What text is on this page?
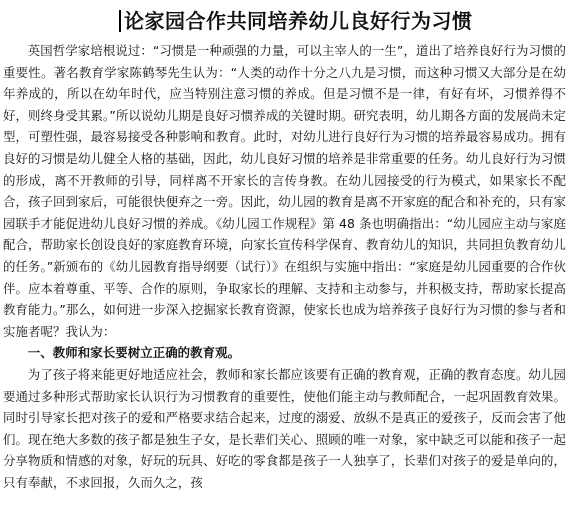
论家园合作共同培养幼儿良好行为习惯

英国哲学家培根说过：“习惯是一种顽强的力量，可以主宰人的一生”，道出了培养良好行为习惯的重要性。著名教育学家陈鹤琴先生认为：“人类的动作十分之八九是习惯，而这种习惯又大部分是在幼年养成的，所以在幼年时代，应当特别注意习惯的养成。但是习惯不是一律，有好有坏，习惯养得不好，则终身受其累。”所以说幼儿期是良好习惯养成的关键时期。研究表明，幼儿期各方面的发展尚未定型，可塑性强，最容易接受各种影响和教育。此时，对幼儿进行良好行为习惯的培养最容易成功。拥有良好的习惯是幼儿健全人格的基础，因此，幼儿良好习惯的培养是非常重要的任务。幼儿良好行为习惯的形成，离不开教师的引导，同样离不开家长的言传身教。在幼儿园接受的行为模式，如果家长不配合，孩子回到家后，可能很快便弃之一旁。因此，幼儿园的教育是离不开家庭的配合和补充的，只有家园联手才能促进幼儿良好习惯的养成。《幼儿园工作规程》第 48 条也明确指出：“幼儿园应主动与家庭配合，帮助家长创设良好的家庭教育环境，向家长宣传科学保育、教育幼儿的知识，共同担负教育幼儿的任务。”新颁布的《幼儿园教育指导纲要（试行）》在组织与实施中指出：“家庭是幼儿园重要的合作伙伴。应本着尊重、平等、合作的原则，争取家长的理解、支持和主动参与，并积极支持，帮助家长提高教育能力。”那么，如何进一步深入挖掘家长教育资源，使家长也成为培养孩子良好行为习惯的参与者和实施者呢？我认为：

一、教师和家长要树立正确的教育观。

为了孩子将来能更好地适应社会，教师和家长都应该要有正确的教育观，正确的教育态度。幼儿园要通过多种形式帮助家长认识行为习惯教育的重要性，使他们能主动与教师配合，一起巩固教育效果。同时引导家长把对孩子的爱和严格要求结合起来，过度的溺爱、放纵不是真正的爱孩子，反而会害了他们。现在绝大多数的孩子都是独生子女，是长辈们关心、照顾的唯一对象，家中缺乏可以能和孩子一起分享物质和情感的对象，好玩的玩具、好吃的零食都是孩子一人独享了，长辈们对孩子的爱是单向的，只有奉献，不求回报，久而久之，孩
